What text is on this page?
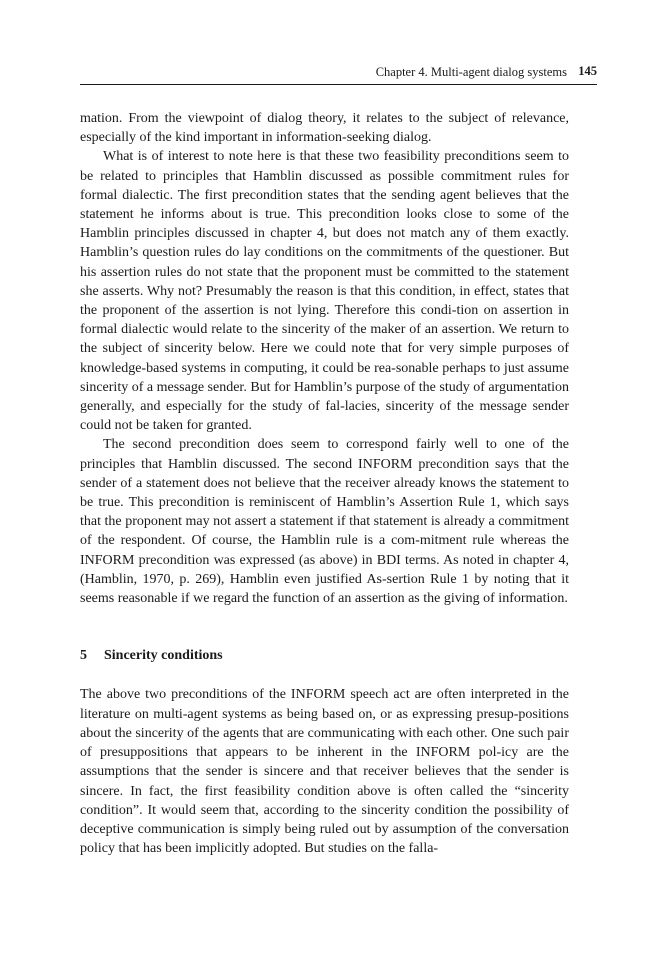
Chapter 4. Multi-agent dialog systems 145

mation. From the viewpoint of dialog theory, it relates to the subject of relevance, especially of the kind important in information-seeking dialog.

What is of interest to note here is that these two feasibility preconditions seem to be related to principles that Hamblin discussed as possible commitment rules for formal dialectic. The first precondition states that the sending agent believes that the statement he informs about is true. This precondition looks close to some of the Hamblin principles discussed in chapter 4, but does not match any of them exactly. Hamblin’s question rules do lay conditions on the commitments of the questioner. But his assertion rules do not state that the proponent must be committed to the statement she asserts. Why not? Presumably the reason is that this condition, in effect, states that the proponent of the assertion is not lying. Therefore this condi-tion on assertion in formal dialectic would relate to the sincerity of the maker of an assertion. We return to the subject of sincerity below. Here we could note that for very simple purposes of knowledge-based systems in computing, it could be rea-sonable perhaps to just assume sincerity of a message sender. But for Hamblin’s purpose of the study of argumentation generally, and especially for the study of fal-lacies, sincerity of the message sender could not be taken for granted.

The second precondition does seem to correspond fairly well to one of the principles that Hamblin discussed. The second INFORM precondition says that the sender of a statement does not believe that the receiver already knows the statement to be true. This precondition is reminiscent of Hamblin’s Assertion Rule 1, which says that the proponent may not assert a statement if that statement is already a commitment of the respondent. Of course, the Hamblin rule is a com-mitment rule whereas the INFORM precondition was expressed (as above) in BDI terms. As noted in chapter 4, (Hamblin, 1970, p. 269), Hamblin even justified As-sertion Rule 1 by noting that it seems reasonable if we regard the function of an assertion as the giving of information.

5	Sincerity conditions

The above two preconditions of the INFORM speech act are often interpreted in the literature on multi-agent systems as being based on, or as expressing presup-positions about the sincerity of the agents that are communicating with each other. One such pair of presuppositions that appears to be inherent in the INFORM pol-icy are the assumptions that the sender is sincere and that receiver believes that the sender is sincere. In fact, the first feasibility condition above is often called the “sincerity condition”. It would seem that, according to the sincerity condition the possibility of deceptive communication is simply being ruled out by assumption of the conversation policy that has been implicitly adopted. But studies on the falla-
